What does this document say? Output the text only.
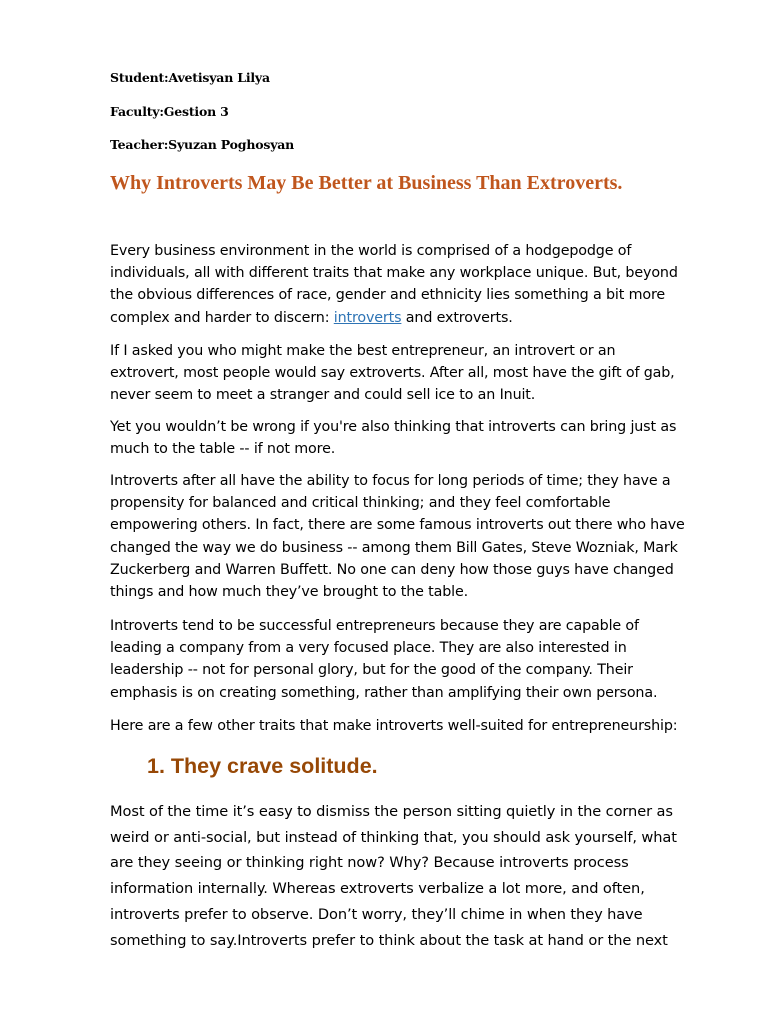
Student:Avetisyan Lilya
Faculty:Gestion 3
Teacher:Syuzan Poghosyan
Why Introverts May Be Better at Business Than Extroverts.

Every business environment in the world is comprised of a hodgepodge of

individuals, all with different traits that make any workplace unique. But, beyond

the obvious differences of race, gender and ethnicity lies something a bit more

complex and harder to discern: introverts and extroverts.

If I asked you who might make the best entrepreneur, an introvert or an

extrovert, most people would say extroverts. After all, most have the gift of gab,

never seem to meet a stranger and could sell ice to an Inuit.

Yet you wouldn’t be wrong if you're also thinking that introverts can bring just as

much to the table -- if not more.

Introverts after all have the ability to focus for long periods of time; they have a

propensity for balanced and critical thinking; and they feel comfortable

empowering others. In fact, there are some famous introverts out there who have

changed the way we do business -- among them Bill Gates, Steve Wozniak, Mark

Zuckerberg and Warren Buffett. No one can deny how those guys have changed

things and how much they’ve brought to the table.

Introverts tend to be successful entrepreneurs because they are capable of

leading a company from a very focused place. They are also interested in

leadership -- not for personal glory, but for the good of the company. Their

emphasis is on creating something, rather than amplifying their own persona.

Here are a few other traits that make introverts well-suited for entrepreneurship:

1. They crave solitude.

Most of the time it’s easy to dismiss the person sitting quietly in the corner as

weird or anti-social, but instead of thinking that, you should ask yourself, what

are they seeing or thinking right now? Why? Because introverts process

information internally. Whereas extroverts verbalize a lot more, and often,

introverts prefer to observe. Don’t worry, they’ll chime in when they have

something to say.Introverts prefer to think about the task at hand or the next
